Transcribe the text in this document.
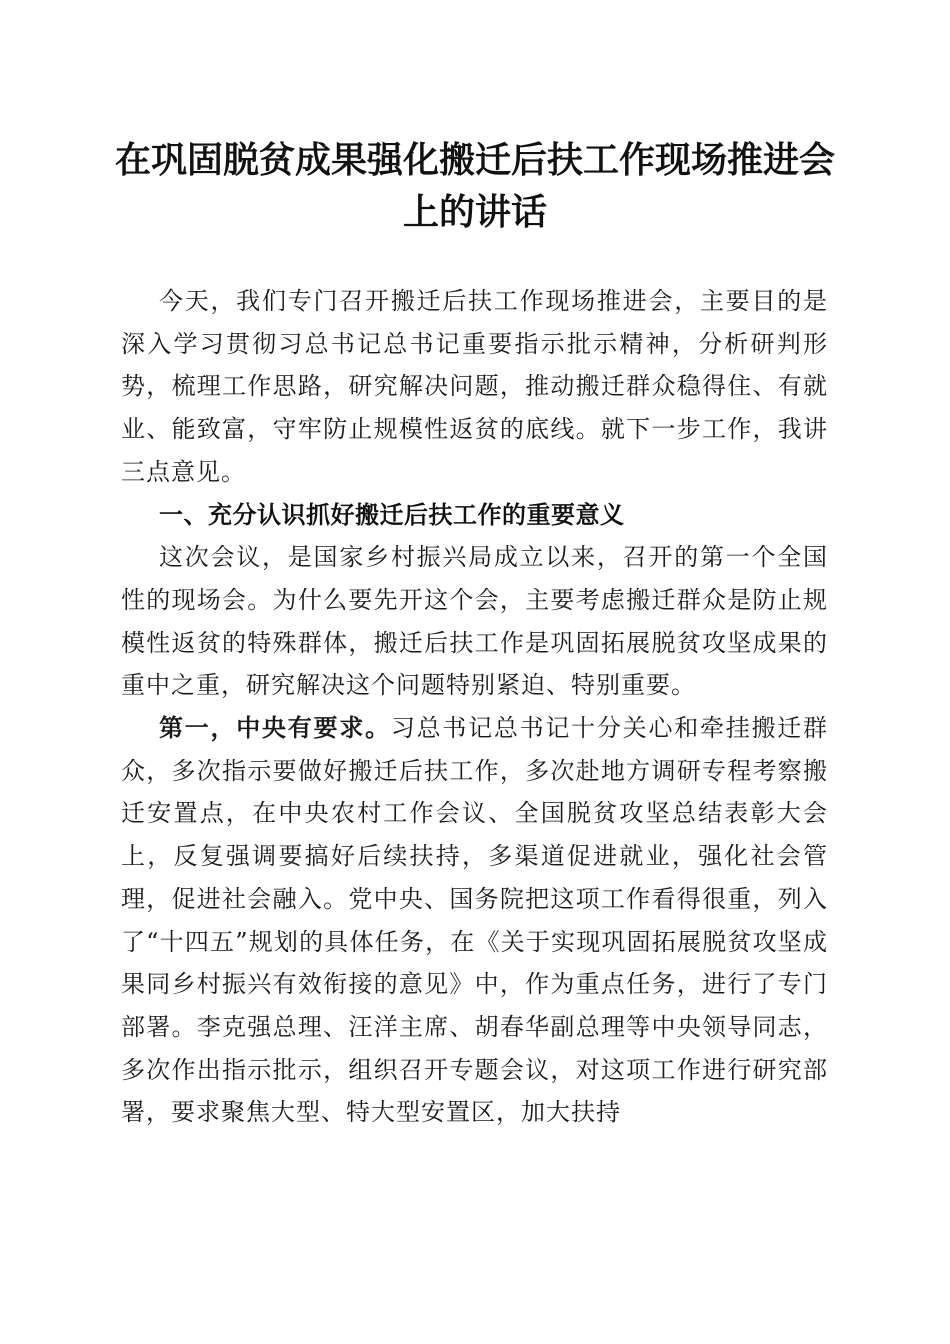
在巩固脱贫成果强化搬迁后扶工作现场推进会上的讲话

今天，我们专门召开搬迁后扶工作现场推进会，主要目的是深入学习贯彻习总书记总书记重要指示批示精神，分析研判形势，梳理工作思路，研究解决问题，推动搬迁群众稳得住、有就业、能致富，守牢防止规模性返贫的底线。就下一步工作，我讲三点意见。

一、充分认识抓好搬迁后扶工作的重要意义

这次会议，是国家乡村振兴局成立以来，召开的第一个全国性的现场会。为什么要先开这个会，主要考虑搬迁群众是防止规模性返贫的特殊群体，搬迁后扶工作是巩固拓展脱贫攻坚成果的重中之重，研究解决这个问题特别紧迫、特别重要。

第一，中央有要求。习总书记总书记十分关心和牵挂搬迁群众，多次指示要做好搬迁后扶工作，多次赴地方调研专程考察搬迁安置点，在中央农村工作会议、全国脱贫攻坚总结表彰大会上，反复强调要搞好后续扶持，多渠道促进就业，强化社会管理，促进社会融入。党中央、国务院把这项工作看得很重，列入了“十四五”规划的具体任务，在《关于实现巩固拓展脱贫攻坚成果同乡村振兴有效衔接的意见》中，作为重点任务，进行了专门部署。李克强总理、汪洋主席、胡春华副总理等中央领导同志，多次作出指示批示，组织召开专题会议，对这项工作进行研究部署，要求聚焦大型、特大型安置区，加大扶持
